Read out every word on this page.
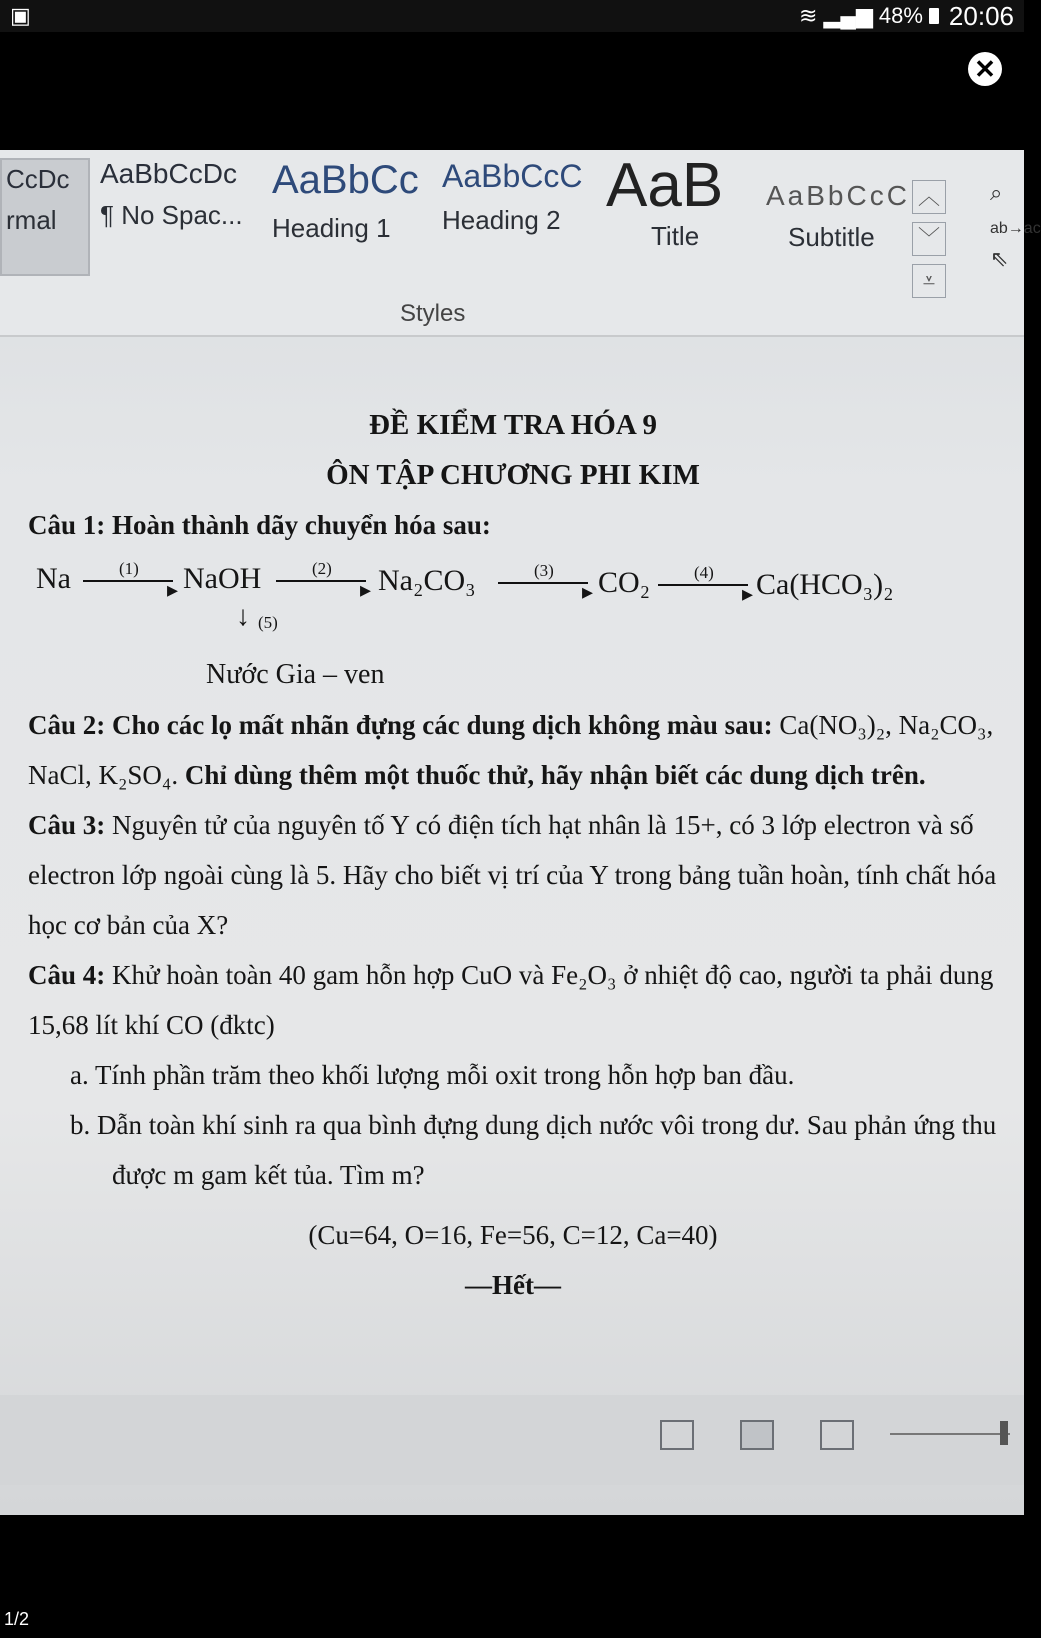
▣	≋ ▂▄▆ 48% 20:06
✕
CcDc
rmal
AaBbCcDc
¶ No Spac...
AaBbCc
Heading 1
AaBbCcC
Heading 2 AaB
Title
AaBbCcC
Subtitle
︿
﹀
⩡
Styles
⌕
ab→ac
⇖
ĐỀ KIỂM TRA HÓA 9
ÔN TẬP CHƯƠNG PHI KIM
Câu 1: Hoàn thành dãy chuyển hóa sau:
Na	▸
(1) NaOH	▸
(2) Na₂CO₃	▸
(3) CO₂	▸
(4) Ca(HCO₃)₂
↓ (5)
Nước Gia – ven
Câu 2: Cho các lọ mất nhãn đựng các dung dịch không màu sau: Ca(NO₃)₂, Na₂CO₃, NaCl, K₂SO₄. Chỉ dùng thêm một thuốc thử, hãy nhận biết các dung dịch trên.
Câu 3: Nguyên tử của nguyên tố Y có điện tích hạt nhân là 15+, có 3 lớp electron và số electron lớp ngoài cùng là 5. Hãy cho biết vị trí của Y trong bảng tuần hoàn, tính chất hóa học cơ bản của X?
Câu 4: Khử hoàn toàn 40 gam hỗn hợp CuO và Fe₂O₃ ở nhiệt độ cao, người ta phải dung 15,68 lít khí CO (đktc)
a. Tính phần trăm theo khối lượng mỗi oxit trong hỗn hợp ban đầu.
b. Dẫn toàn khí sinh ra qua bình đựng dung dịch nước vôi trong dư. Sau phản ứng thu được m gam kết tủa. Tìm m?
(Cu=64, O=16, Fe=56, C=12, Ca=40)
—Hết—
1/2
